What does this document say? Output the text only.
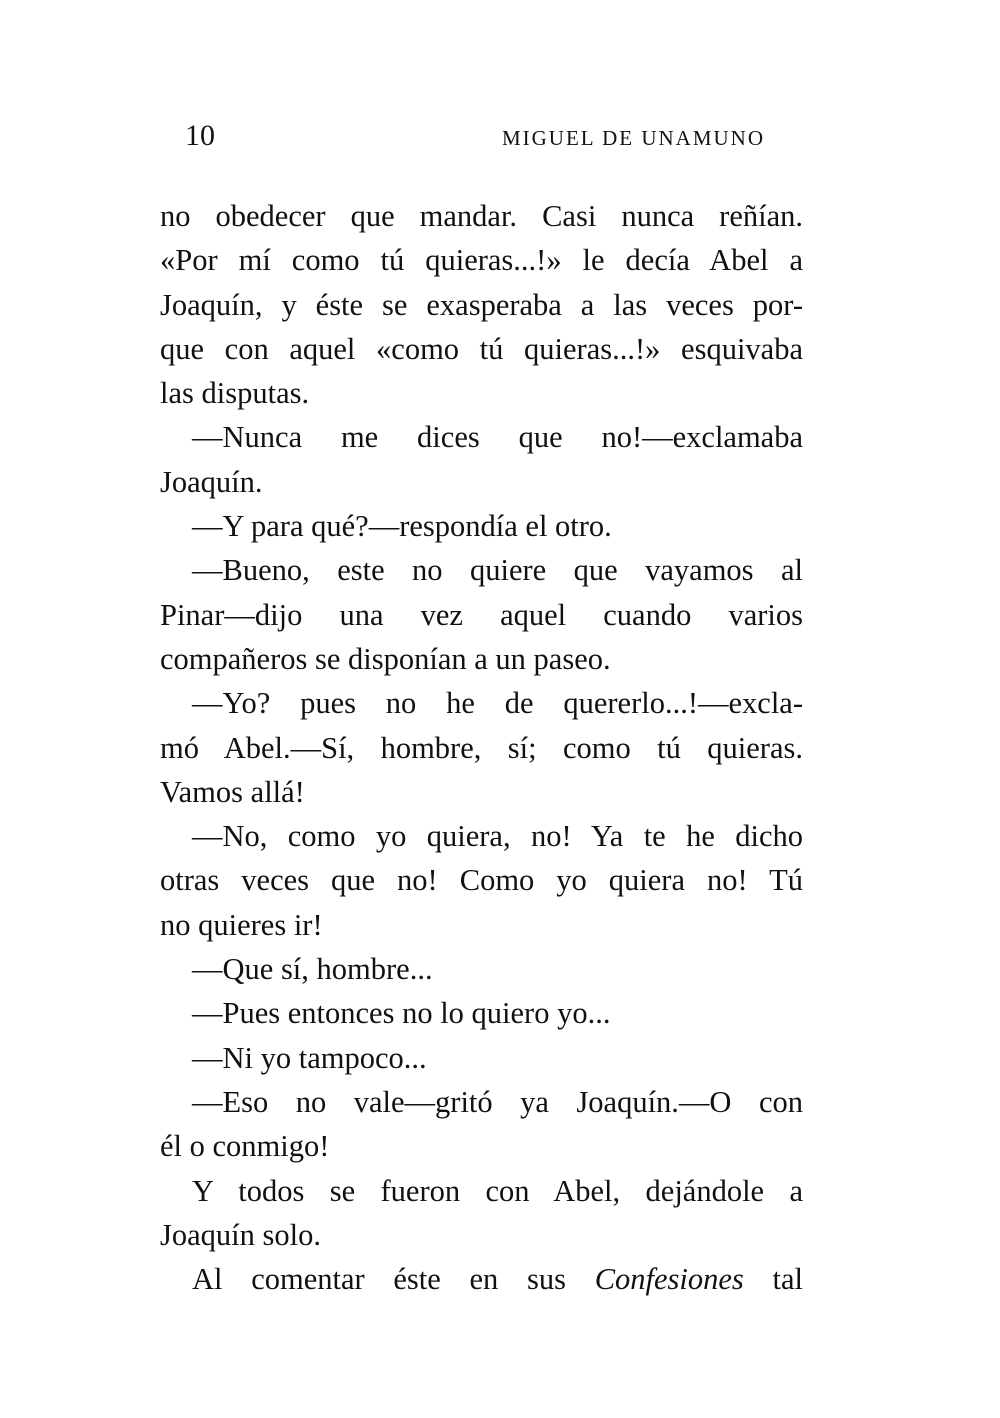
10	MIGUEL DE UNAMUNO
no obedecer que mandar. Casi nunca reñían.
«Por mí como tú quieras...!» le decía Abel a
Joaquín, y éste se exasperaba a las veces por-
que con aquel «como tú quieras...!» esquivaba
las disputas.
—Nunca me dices que no!—exclamaba
Joaquín.
—Y para qué?—respondía el otro.
—Bueno, este no quiere que vayamos al
Pinar—dijo una vez aquel cuando varios
compañeros se disponían a un paseo.
—Yo? pues no he de quererlo...!—excla-
mó Abel.—Sí, hombre, sí; como tú quieras.
Vamos allá!
—No, como yo quiera, no! Ya te he dicho
otras veces que no! Como yo quiera no! Tú
no quieres ir!
—Que sí, hombre...
—Pues entonces no lo quiero yo...
—Ni yo tampoco...
—Eso no vale—gritó ya Joaquín.—O con
él o conmigo!
Y todos se fueron con Abel, dejándole a
Joaquín solo.
Al comentar éste en sus Confesiones tal
